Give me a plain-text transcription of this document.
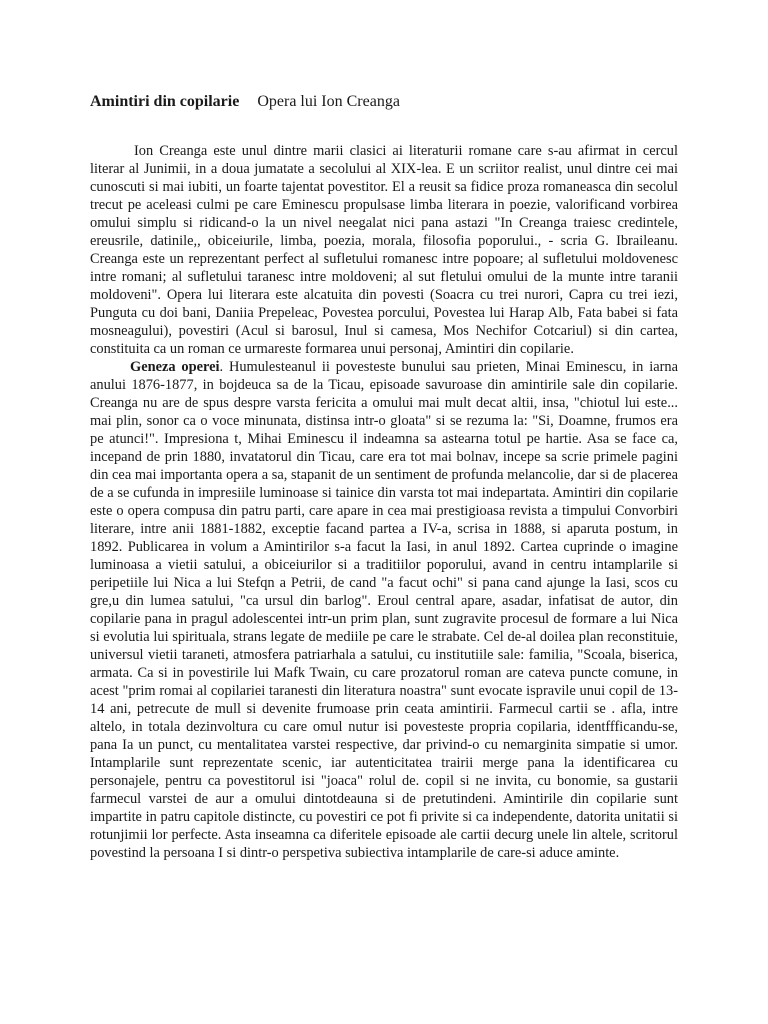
Amintiri din copilarie Opera lui Ion Creanga

Ion Creanga este unul dintre marii clasici ai literaturii romane care s-au afirmat in cercul literar al Junimii, in a doua jumatate a secolului al XIX-lea. E un scriitor realist, unul dintre cei mai cunoscuti si mai iubiti, un foarte tajentat povestitor. El a reusit sa fidice proza romaneasca din secolul trecut pe aceleasi culmi pe care Eminescu propulsase limba literara in poezie, valorificand vorbirea omului simplu si ridicand-o la un nivel neegalat nici pana astazi "In Creanga traiesc credintele, ereusrile, datinile,, obiceiurile, limba, poezia, morala, filosofia poporului., - scria G. Ibraileanu. Creanga este un reprezentant perfect al sufletului romanesc intre popoare; al sufletului moldovenesc intre romani; al sufletului taranesc intre moldoveni; al sut fletului omului de la munte intre taranii moldoveni". Opera lui literara este alcatuita din povesti (Soacra cu trei nurori, Capra cu trei iezi, Punguta cu doi bani, Daniia Prepeleac, Povestea porcului, Povestea lui Harap Alb, Fata babei si fata mosneagului), povestiri (Acul si barosul, Inul si camesa, Mos Nechifor Cotcariul) si din cartea, constituita ca un roman ce urmareste formarea unui personaj, Amintiri din copilarie.

Geneza operei. Humulesteanul ii povesteste bunului sau prieten, Minai Eminescu, in iarna anului 1876-1877, in bojdeuca sa de la Ticau, episoade savuroase din amintirile sale din copilarie. Creanga nu are de spus despre varsta fericita a omului mai mult decat altii, insa, "chiotul lui este... mai plin, sonor ca o voce minunata, distinsa intr-o gloata" si se rezuma la: "Si, Doamne, frumos era pe atunci!". Impresiona t, Mihai Eminescu il indeamna sa astearna totul pe hartie. Asa se face ca, incepand de prin 1880, invatatorul din Ticau, care era tot mai bolnav, incepe sa scrie primele pagini din cea mai importanta opera a sa, stapanit de un sentiment de profunda melancolie, dar si de placerea de a se cufunda in impresiile luminoase si tainice din varsta tot mai indepartata. Amintiri din copilarie este o opera compusa din patru parti, care apare in cea mai prestigioasa revista a timpului Convorbiri literare, intre anii 1881-1882, exceptie facand partea a IV-a, scrisa in 1888, si aparuta postum, in 1892. Publicarea in volum a Amintirilor s-a facut la Iasi, in anul 1892. Cartea cuprinde o imagine luminoasa a vietii satului, a obiceiurilor si a traditiilor poporului, avand in centru intamplarile si peripetiile lui Nica a lui Stefqn a Petrii, de cand "a facut ochi" si pana cand ajunge la Iasi, scos cu gre,u din lumea satului, "ca ursul din barlog". Eroul central apare, asadar, infatisat de autor, din copilarie pana in pragul adolescentei intr-un prim plan, sunt zugravite procesul de formare a lui Nica si evolutia lui spirituala, strans legate de mediile pe care le strabate. Cel de-al doilea plan reconstituie, universul vietii taraneti, atmosfera patriarhala a satului, cu institutiile sale: familia, "Scoala, biserica, armata. Ca si in povestirile lui Mafk Twain, cu care prozatorul roman are cateva puncte comune, in acest "prim romai al copilariei taranesti din literatura noastra" sunt evocate ispravile unui copil de 13-14 ani, petrecute de mull si devenite frumoase prin ceata amintirii. Farmecul cartii se . afla, intre altelo, in totala dezinvoltura cu care omul nutur isi povesteste propria copilaria, identffficandu-se, pana Ia un punct, cu mentalitatea varstei respective, dar privind-o cu nemarginita simpatie si umor. Intamplarile sunt reprezentate scenic, iar autenticitatea trairii merge pana la identificarea cu personajele, pentru ca povestitorul isi "joaca" rolul de. copil si ne invita, cu bonomie, sa gustarii farmecul varstei de aur a omului dintotdeauna si de pretutindeni. Amintirile din copilarie sunt impartite in patru capitole distincte, cu povestiri ce pot fi privite si ca independente, datorita unitatii si rotunjimii lor perfecte. Asta inseamna ca diferitele episoade ale cartii decurg unele lin altele, scritorul povestind la persoana I si dintr-o perspetiva subiectiva intamplarile de care-si aduce aminte.
